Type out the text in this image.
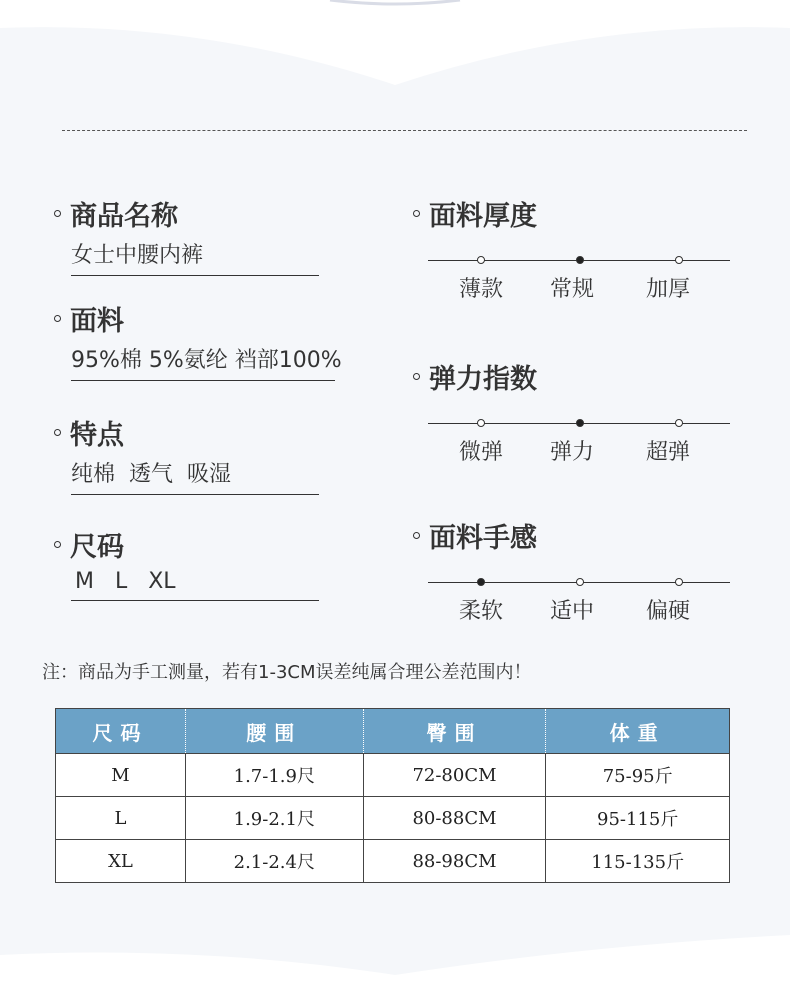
商品名称
女士中腰内裤
面料
95%棉 5%氨纶 裆部100%
特点
纯棉  透气  吸湿
尺码
M   L   XL
面料厚度
薄款 常规 加厚
弹力指数
微弹 弹力 超弹
面料手感
柔软 适中 偏硬
注：商品为手工测量，若有1-3CM误差纯属合理公差范围内！
尺码	腰围	臀围	体重
M	1.7-1.9尺	72-80CM	75-95斤
L	1.9-2.1尺	80-88CM	95-115斤
XL	2.1-2.4尺	88-98CM	115-135斤
